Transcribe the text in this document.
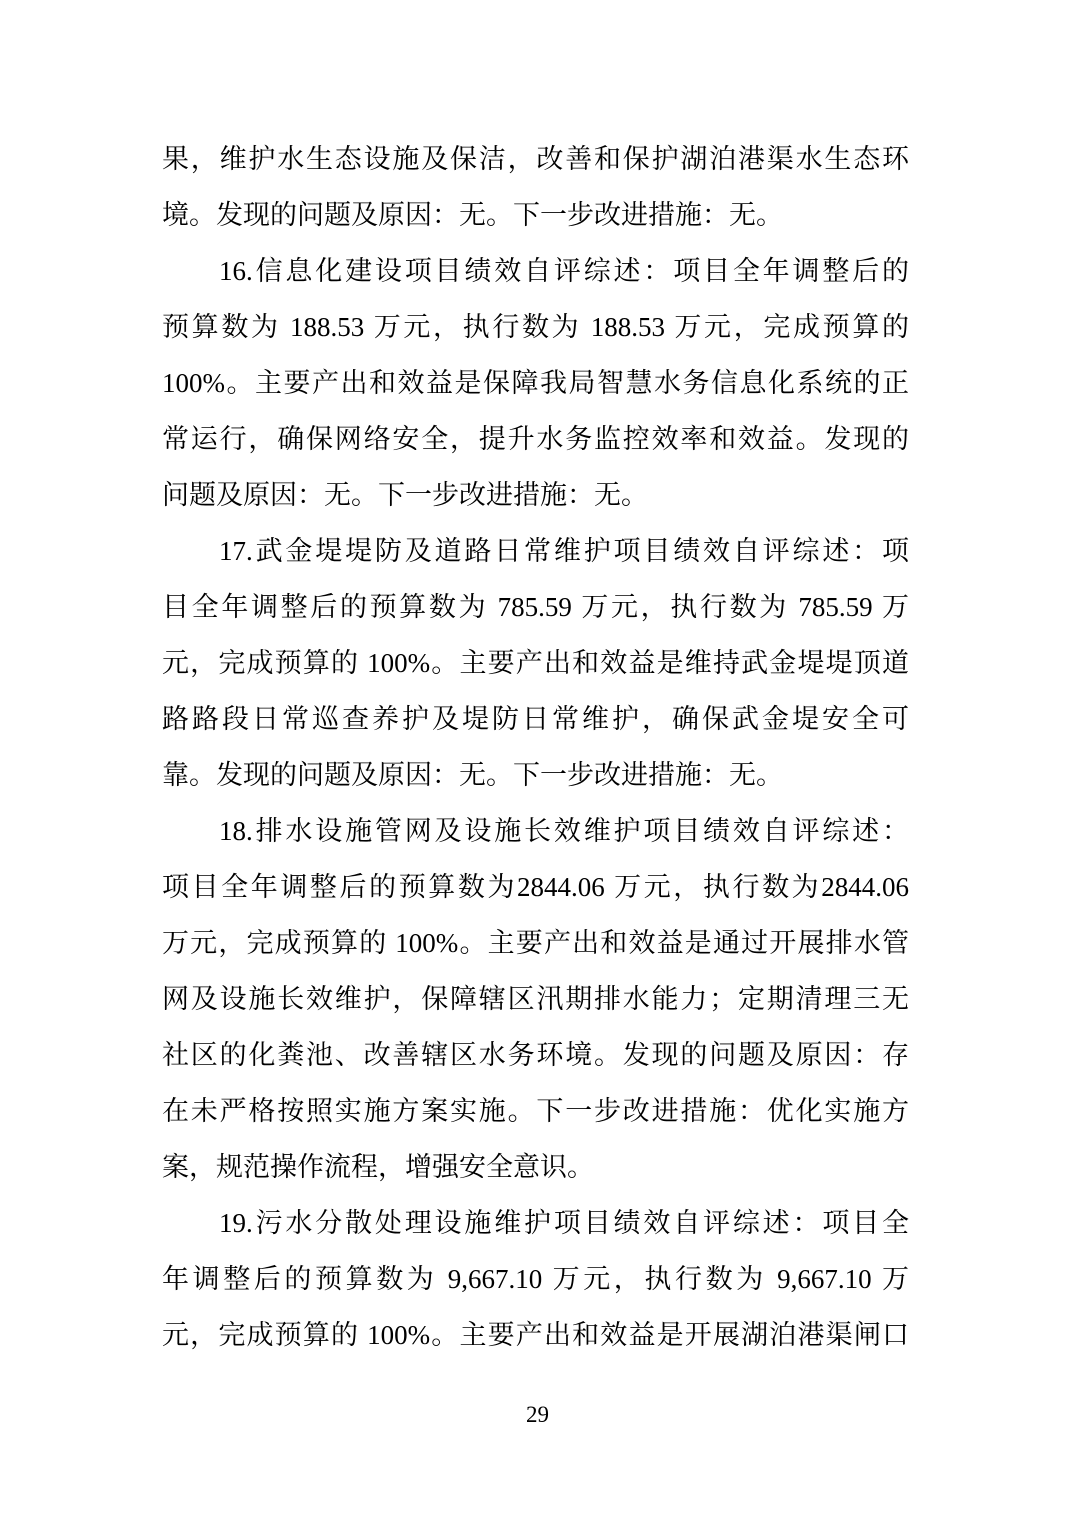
果，维护水生态设施及保洁，改善和保护湖泊港渠水生态环
境。发现的问题及原因：无。下一步改进措施：无。
16.信息化建设项目绩效自评综述：项目全年调整后的
预算数为 188.53 万元，执行数为 188.53 万元，完成预算的
100%。主要产出和效益是保障我局智慧水务信息化系统的正
常运行，确保网络安全，提升水务监控效率和效益。发现的
问题及原因：无。下一步改进措施：无。
17.武金堤堤防及道路日常维护项目绩效自评综述：项
目全年调整后的预算数为 785.59 万元，执行数为 785.59 万
元，完成预算的 100%。主要产出和效益是维持武金堤堤顶道
路路段日常巡查养护及堤防日常维护，确保武金堤安全可
靠。发现的问题及原因：无。下一步改进措施：无。
18.排水设施管网及设施长效维护项目绩效自评综述：
项目全年调整后的预算数为2844.06 万元，执行数为2844.06
万元，完成预算的 100%。主要产出和效益是通过开展排水管
网及设施长效维护，保障辖区汛期排水能力；定期清理三无
社区的化粪池、改善辖区水务环境。发现的问题及原因：存
在未严格按照实施方案实施。下一步改进措施：优化实施方
案，规范操作流程，增强安全意识。
19.污水分散处理设施维护项目绩效自评综述：项目全
年调整后的预算数为 9,667.10 万元，执行数为 9,667.10 万
元，完成预算的 100%。主要产出和效益是开展湖泊港渠闸口
29
